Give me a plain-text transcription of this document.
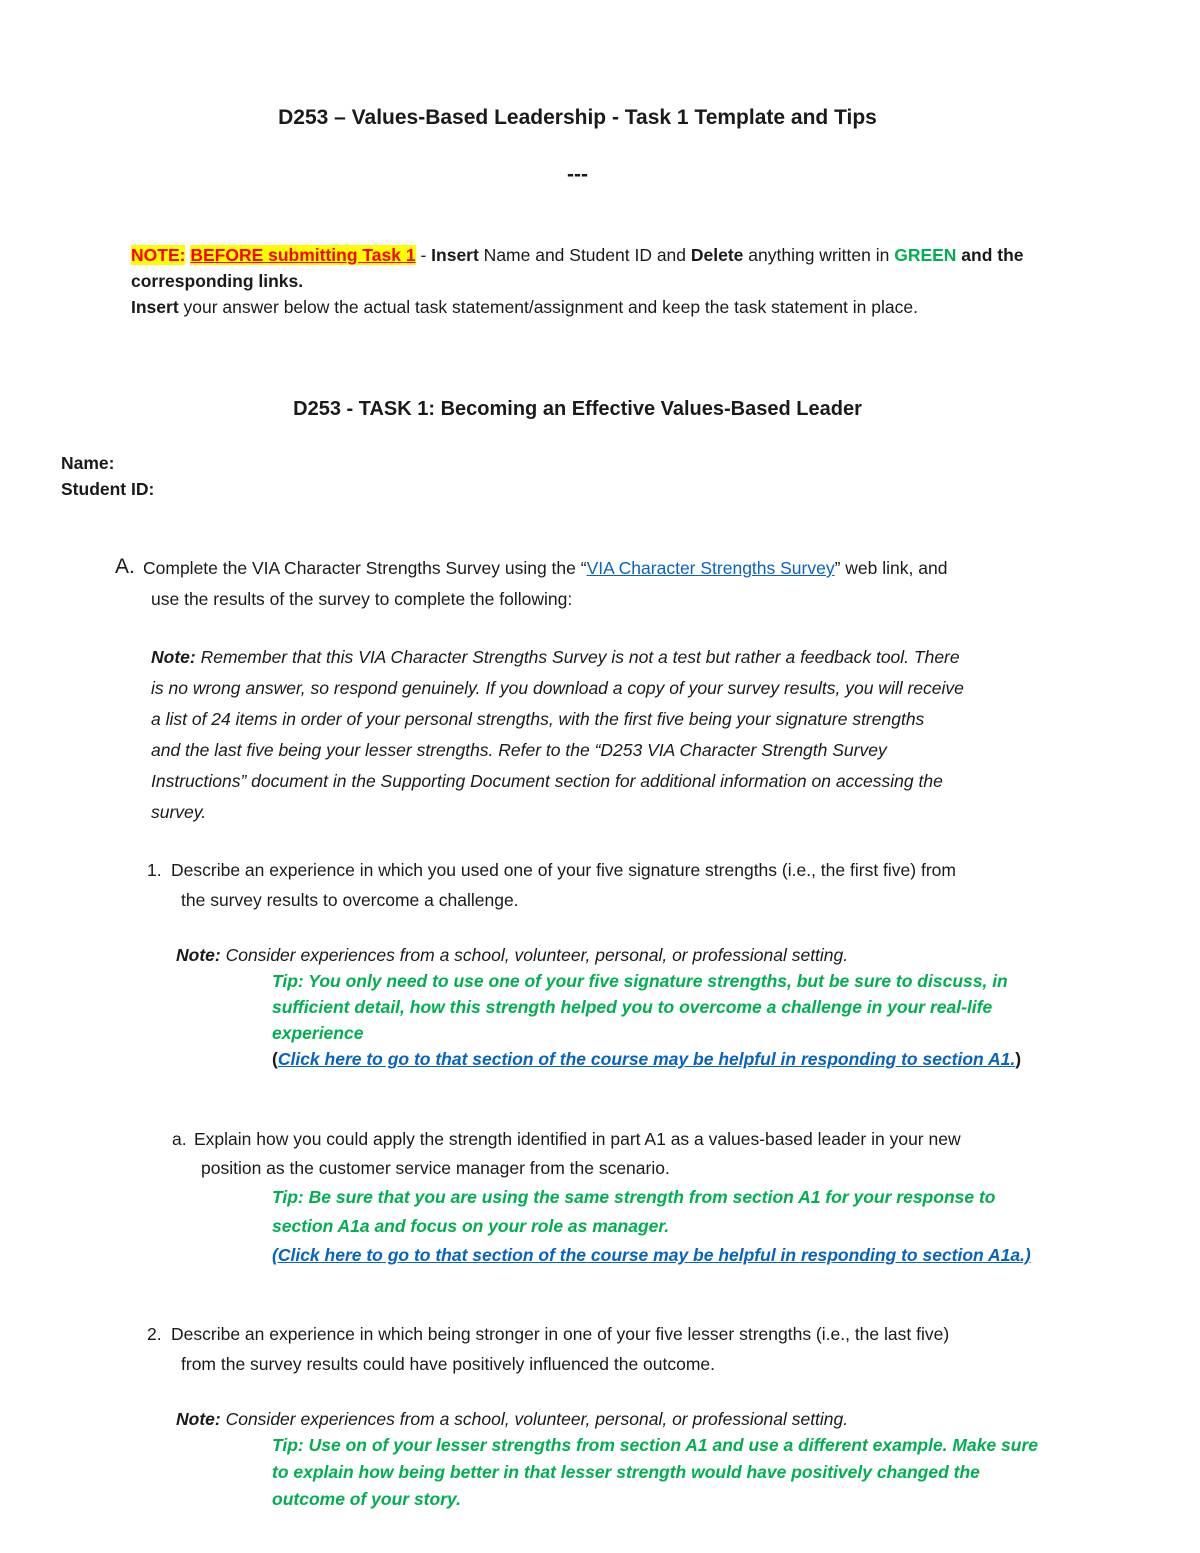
D253 – Values-Based Leadership - Task 1 Template and Tips
---
NOTE: BEFORE submitting Task 1 - Insert Name and Student ID and Delete anything written in GREEN and the
corresponding links.
Insert your answer below the actual task statement/assignment and keep the task statement in place.
D253 - TASK 1: Becoming an Effective Values-Based Leader
Name:
Student ID:
A. Complete the VIA Character Strengths Survey using the “VIA Character Strengths Survey” web link, and
use the results of the survey to complete the following:
Note: Remember that this VIA Character Strengths Survey is not a test but rather a feedback tool. There
is no wrong answer, so respond genuinely. If you download a copy of your survey results, you will receive
a list of 24 items in order of your personal strengths, with the first five being your signature strengths
and the last five being your lesser strengths. Refer to the “D253 VIA Character Strength Survey
Instructions” document in the Supporting Document section for additional information on accessing the
survey.
1. Describe an experience in which you used one of your five signature strengths (i.e., the first five) from
the survey results to overcome a challenge.
Note: Consider experiences from a school, volunteer, personal, or professional setting.
Tip: You only need to use one of your five signature strengths, but be sure to discuss, in
sufficient detail, how this strength helped you to overcome a challenge in your real-life
experience
(Click here to go to that section of the course may be helpful in responding to section A1.)
a. Explain how you could apply the strength identified in part A1 as a values-based leader in your new
position as the customer service manager from the scenario.
Tip: Be sure that you are using the same strength from section A1 for your response to
section A1a and focus on your role as manager.
(Click here to go to that section of the course may be helpful in responding to section A1a.)
2. Describe an experience in which being stronger in one of your five lesser strengths (i.e., the last five)
from the survey results could have positively influenced the outcome.
Note: Consider experiences from a school, volunteer, personal, or professional setting.
Tip: Use on of your lesser strengths from section A1 and use a different example. Make sure
to explain how being better in that lesser strength would have positively changed the
outcome of your story.
